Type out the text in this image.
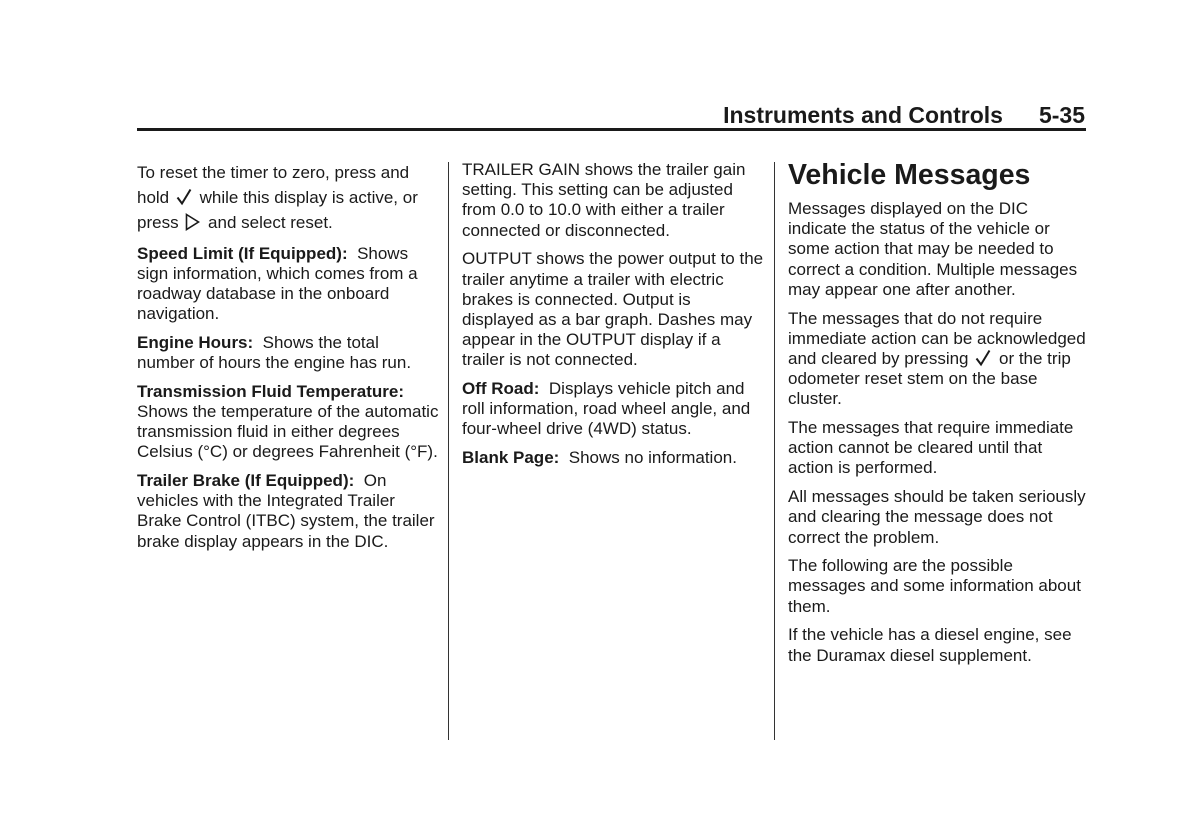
Instruments and Controls 5-35

To reset the timer to zero, press and hold while this display is active, or press and select reset.

Speed Limit (If Equipped): Shows sign information, which comes from a roadway database in the onboard navigation.

Engine Hours: Shows the total number of hours the engine has run.

Transmission Fluid Temperature:  Shows the temperature of the automatic transmission fluid in either degrees Celsius (°C) or degrees Fahrenheit (°F).

Trailer Brake (If Equipped): On vehicles with the Integrated Trailer Brake Control (ITBC) system, the trailer brake display appears in the DIC.

TRAILER GAIN shows the trailer gain setting. This setting can be adjusted from 0.0 to 10.0 with either a trailer connected or disconnected.

OUTPUT shows the power output to the trailer anytime a trailer with electric brakes is connected. Output is displayed as a bar graph. Dashes may appear in the OUTPUT display if a trailer is not connected.

Off Road: Displays vehicle pitch and roll information, road wheel angle, and four-wheel drive (4WD) status.

Blank Page: Shows no information.

Vehicle Messages

Messages displayed on the DIC indicate the status of the vehicle or some action that may be needed to correct a condition. Multiple messages may appear one after another.

The messages that do not require immediate action can be acknowledged and cleared by pressing or the trip odometer reset stem on the base cluster.

The messages that require immediate action cannot be cleared until that action is performed.

All messages should be taken seriously and clearing the message does not correct the problem.

The following are the possible messages and some information about them.

If the vehicle has a diesel engine, see the Duramax diesel supplement.
